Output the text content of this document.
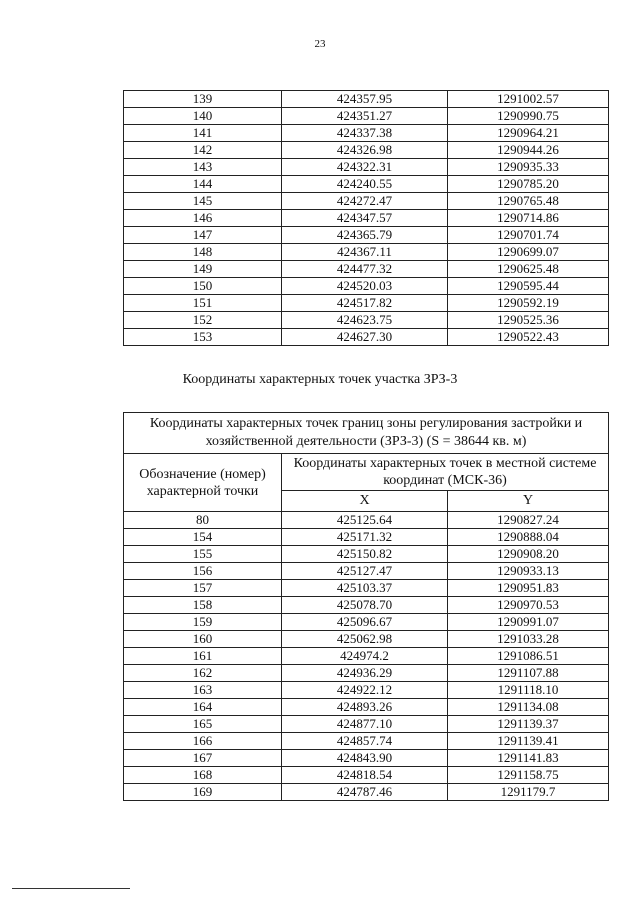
23
139	424357.95	1291002.57
140	424351.27	1290990.75
141	424337.38	1290964.21
142	424326.98	1290944.26
143	424322.31	1290935.33
144	424240.55	1290785.20
145	424272.47	1290765.48
146	424347.57	1290714.86
147	424365.79	1290701.74
148	424367.11	1290699.07
149	424477.32	1290625.48
150	424520.03	1290595.44
151	424517.82	1290592.19
152	424623.75	1290525.36
153	424627.30	1290522.43
Координаты характерных точек участка ЗРЗ-3
Координаты характерных точек границ зоны регулирования застройки и хозяйственной деятельности (ЗРЗ-3) (S = 38644 кв. м)		
Обозначение (номер) характерной точки	Координаты характерных точек в местной системе координат (МСК-36)	
	X	Y
80	425125.64	1290827.24
154	425171.32	1290888.04
155	425150.82	1290908.20
156	425127.47	1290933.13
157	425103.37	1290951.83
158	425078.70	1290970.53
159	425096.67	1290991.07
160	425062.98	1291033.28
161	424974.2	1291086.51
162	424936.29	1291107.88
163	424922.12	1291118.10
164	424893.26	1291134.08
165	424877.10	1291139.37
166	424857.74	1291139.41
167	424843.90	1291141.83
168	424818.54	1291158.75
169	424787.46	1291179.7
